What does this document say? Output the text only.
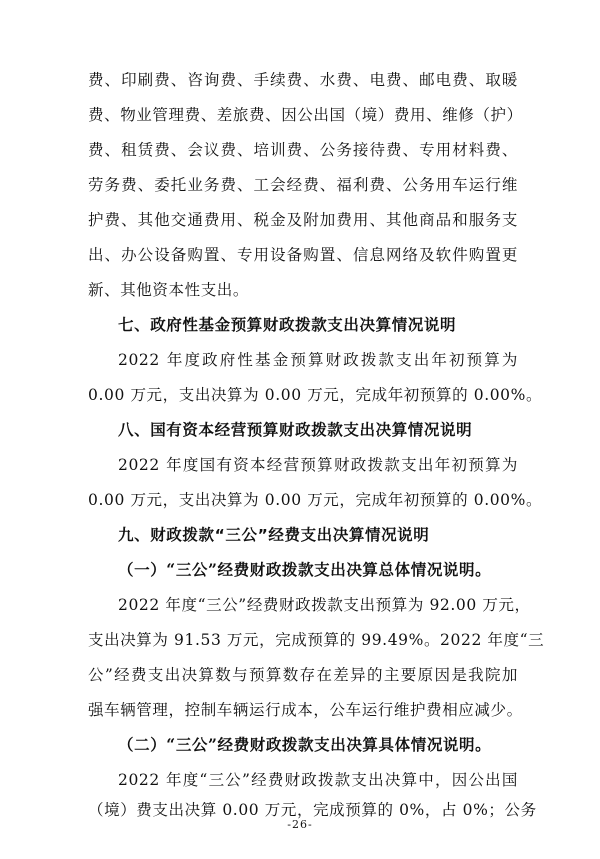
费、印刷费、咨询费、手续费、水费、电费、邮电费、取暖
费、物业管理费、差旅费、因公出国（境）费用、维修（护）
费、租赁费、会议费、培训费、公务接待费、专用材料费、
劳务费、委托业务费、工会经费、福利费、公务用车运行维
护费、其他交通费用、税金及附加费用、其他商品和服务支
出、办公设备购置、专用设备购置、信息网络及软件购置更
新、其他资本性支出。
七、政府性基金预算财政拨款支出决算情况说明
2022 年度政府性基金预算财政拨款支出年初预算为
0.00 万元，支出决算为 0.00 万元，完成年初预算的 0.00%。
八、国有资本经营预算财政拨款支出决算情况说明
2022 年度国有资本经营预算财政拨款支出年初预算为
0.00 万元，支出决算为 0.00 万元，完成年初预算的 0.00%。
九、财政拨款“三公”经费支出决算情况说明
（一）“三公”经费财政拨款支出决算总体情况说明。
2022 年度“三公”经费财政拨款支出预算为 92.00 万元，
支出决算为 91.53 万元，完成预算的 99.49%。2022 年度“三
公”经费支出决算数与预算数存在差异的主要原因是我院加
强车辆管理，控制车辆运行成本，公车运行维护费相应减少。
（二）“三公”经费财政拨款支出决算具体情况说明。
2022 年度“三公”经费财政拨款支出决算中，因公出国
（境）费支出决算 0.00 万元，完成预算的 0%，占 0%；公务
-26-
